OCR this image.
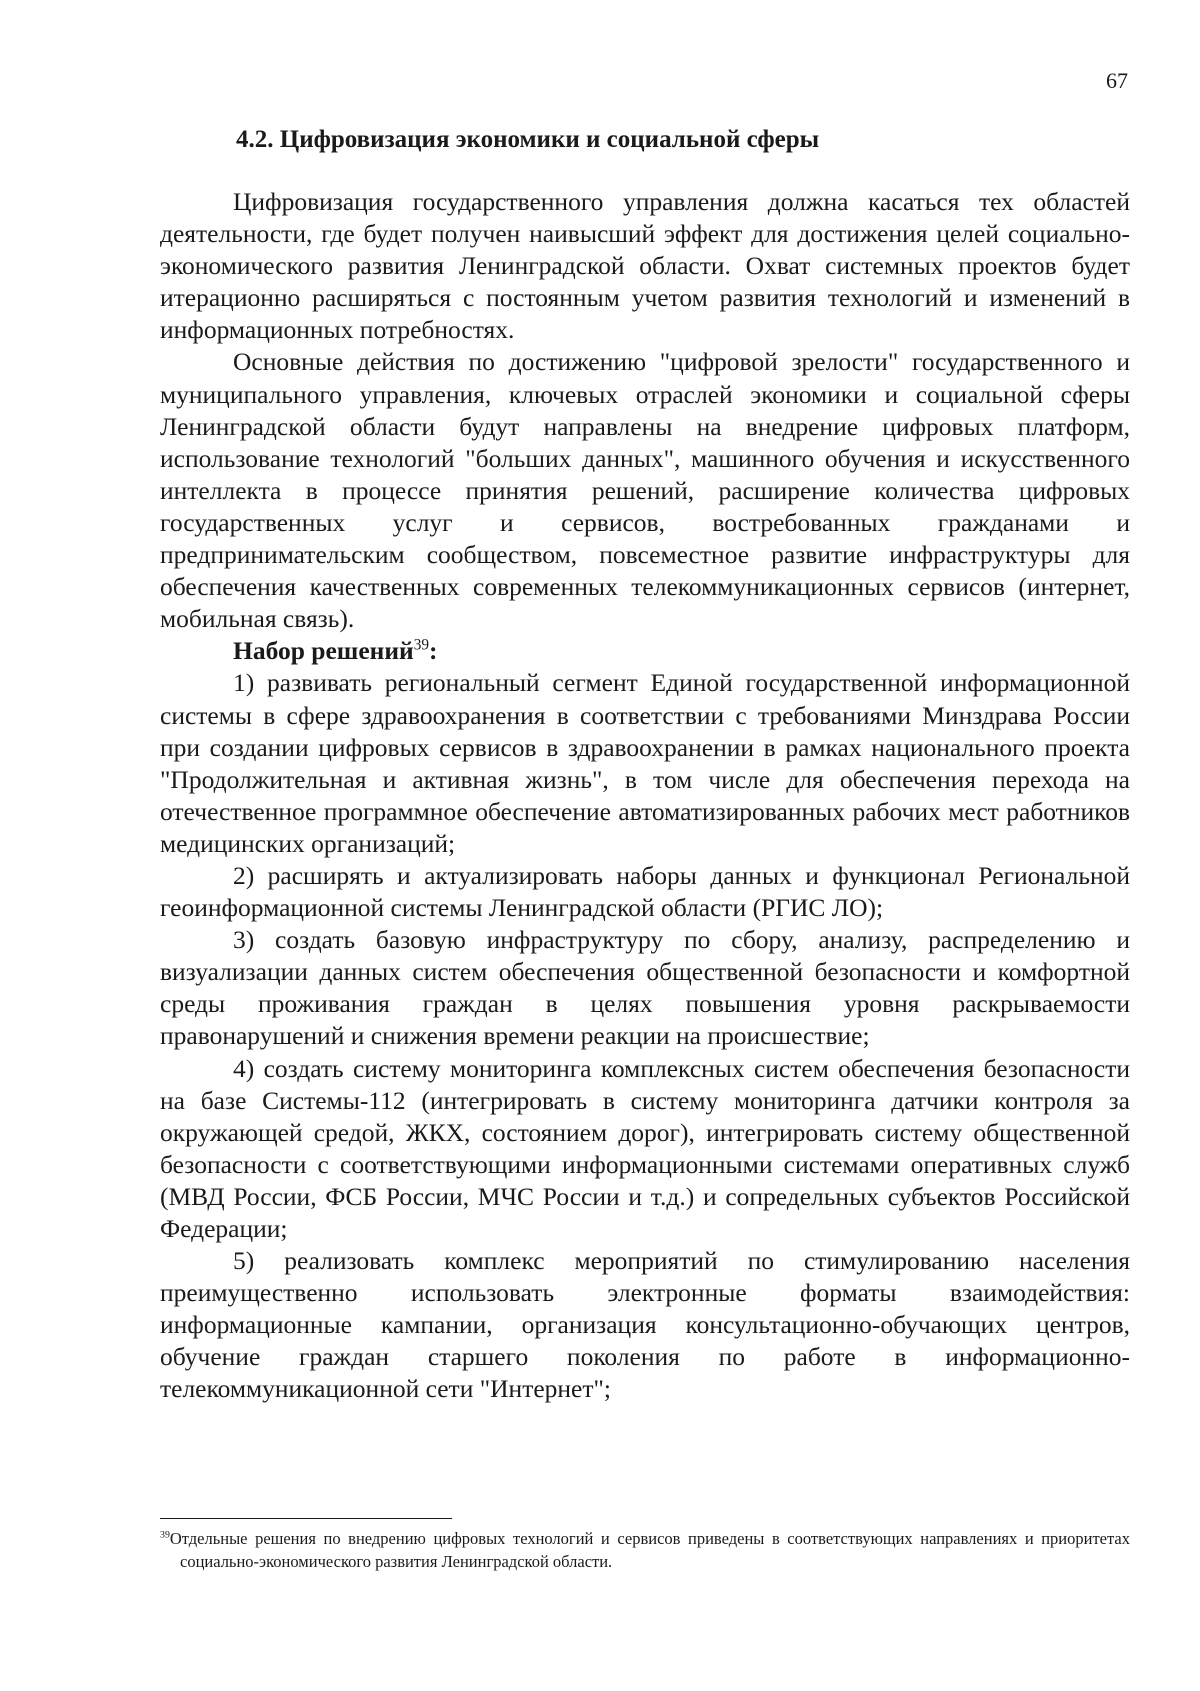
67
4.2. Цифровизация экономики и социальной сферы

Цифровизация государственного управления должна касаться тех областей деятельности, где будет получен наивысший эффект для достижения целей социально-экономического развития Ленинградской области. Охват системных проектов будет итерационно расширяться с постоянным учетом развития технологий и изменений в информационных потребностях.

Основные действия по достижению "цифровой зрелости" государственного и муниципального управления, ключевых отраслей экономики и социальной сферы Ленинградской области будут направлены на внедрение цифровых платформ, использование технологий "больших данных", машинного обучения и искусственного интеллекта в процессе принятия решений, расширение количества цифровых государственных услуг и сервисов, востребованных гражданами и предпринимательским сообществом, повсеместное развитие инфраструктуры для обеспечения качественных современных телекоммуникационных сервисов (интернет, мобильная связь).

Набор решений$^{39}$:

1) развивать региональный сегмент Единой государственной информационной системы в сфере здравоохранения в соответствии с требованиями Минздрава России при создании цифровых сервисов в здравоохранении в рамках национального проекта "Продолжительная и активная жизнь", в том числе для обеспечения перехода на отечественное программное обеспечение автоматизированных рабочих мест работников медицинских организаций;

2) расширять и актуализировать наборы данных и функционал Региональной геоинформационной системы Ленинградской области (РГИС ЛО);

3) создать базовую инфраструктуру по сбору, анализу, распределению и визуализации данных систем обеспечения общественной безопасности и комфортной среды проживания граждан в целях повышения уровня раскрываемости правонарушений и снижения времени реакции на происшествие;

4) создать систему мониторинга комплексных систем обеспечения безопасности на базе Системы-112 (интегрировать в систему мониторинга датчики контроля за окружающей средой, ЖКХ, состоянием дорог), интегрировать систему общественной безопасности с соответствующими информационными системами оперативных служб (МВД России, ФСБ России, МЧС России и т.д.) и сопредельных субъектов Российской Федерации;

5) реализовать комплекс мероприятий по стимулированию населения преимущественно использовать электронные форматы взаимодействия: информационные кампании, организация консультационно-обучающих центров, обучение граждан старшего поколения по работе в информационно-телекоммуникационной сети "Интернет";

$^{39}$Отдельные решения по внедрению цифровых технологий и сервисов приведены в соответствующих направлениях и приоритетах социально-экономического развития Ленинградской области.
